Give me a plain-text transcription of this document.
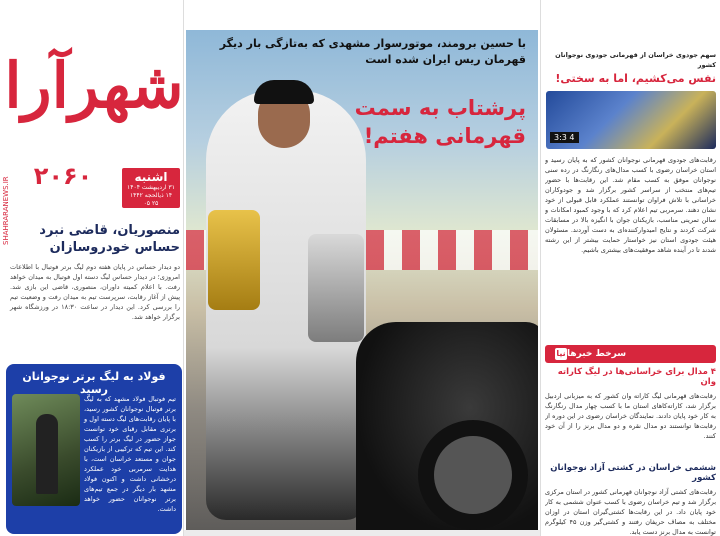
شهرآرا
۲۰۶۰	اشنبه
۳۱ اردیبهشت ۱۴۰۴
۱۴ ذیالحجه ۱۴۴۲
۲۵ ۰۵
SHAHRARANEWS.IR	منصوریان، قاضی نبرد حساس خودروسازان

دو دیدار حساس در پایان هفته دوم لیگ برتر فوتبال با اطلاعات امروزی؛ در دیدار حساس لیگ دسته اول فوتبال به میدان خواهد رفت. با اعلام کمیته داوران، منصوری، قاضی این بازی شد. پیش از آغاز رقابت، سرپرست تیم به میدان رفت و وضعیت تیم را بررسی کرد. این دیدار در ساعت ۱۸:۳۰ در ورزشگاه شهر برگزار خواهد شد.

فولاد به لیگ برتر نوجوانان رسید

تیم فوتبال فولاد مشهد که به لیگ برتر فوتبال نوجوانان کشور رسید، با پایان رقابت‌های لیگ دسته اول و برتری مقابل رقبای خود توانست جواز حضور در لیگ برتر را کسب کند. این تیم که ترکیبی از بازیکنان جوان و مستعد خراسان است، با هدایت سرمربی خود عملکرد درخشانی داشت و اکنون فولاد مشهد بار دیگر در جمع تیم‌های برتر نوجوانان حضور خواهد داشت.

با حسین برومند، موتورسوار مشهدی که به‌تازگی بار دیگر قهرمان ریس ایران شده است
پرشتاب به سمت قهرمانی هفتم!
سهم جودوی خراسان از قهرمانی جودوی نوجوانان کشور
نفس می‌کشیم، اما به سختی!
3:3 4
رقابت‌های جودوی قهرمانی نوجوانان کشور که به پایان رسید و استان خراسان رضوی با کسب مدال‌های رنگارنگ در رده سنی نوجوانان موفق به کسب مقام شد. این رقابت‌ها با حضور تیم‌های منتخب از سراسر کشور برگزار شد و جودوکاران خراسانی با تلاش فراوان توانستند عملکرد قابل قبولی از خود نشان دهند. سرمربی تیم اعلام کرد که با وجود کمبود امکانات و سالن تمرینی مناسب، بازیکنان جوان با انگیزه بالا در مسابقات شرکت کردند و نتایج امیدوارکننده‌ای به دست آوردند. مسئولان هیئت جودوی استان نیز خواستار حمایت بیشتر از این رشته شدند تا در آینده شاهد موفقیت‌های بیشتری باشیم.
سرخط خبرها
نیا
۴ مدال برای خراسانی‌ها در لیگ کاراته وان
رقابت‌های قهرمانی لیگ کاراته وان کشور که به میزبانی اردبیل برگزار شد، کاراته‌کاهای استان ما با کسب چهار مدال رنگارنگ به کار خود پایان دادند. نمایندگان خراسان رضوی در این دوره از رقابت‌ها توانستند دو مدال نقره و دو مدال برنز را از آن خود کنند.
ششمی خراسان در کشتی آزاد نوجوانان کشور
رقابت‌های کشتی آزاد نوجوانان قهرمانی کشور در استان مرکزی برگزار شد و تیم خراسان رضوی با کسب عنوان ششمی به کار خود پایان داد. در این رقابت‌ها کشتی‌گیران استان در اوزان مختلف به مصاف حریفان رفتند و کشتی‌گیر وزن ۴۵ کیلوگرم توانست به مدال برنز دست یابد.
